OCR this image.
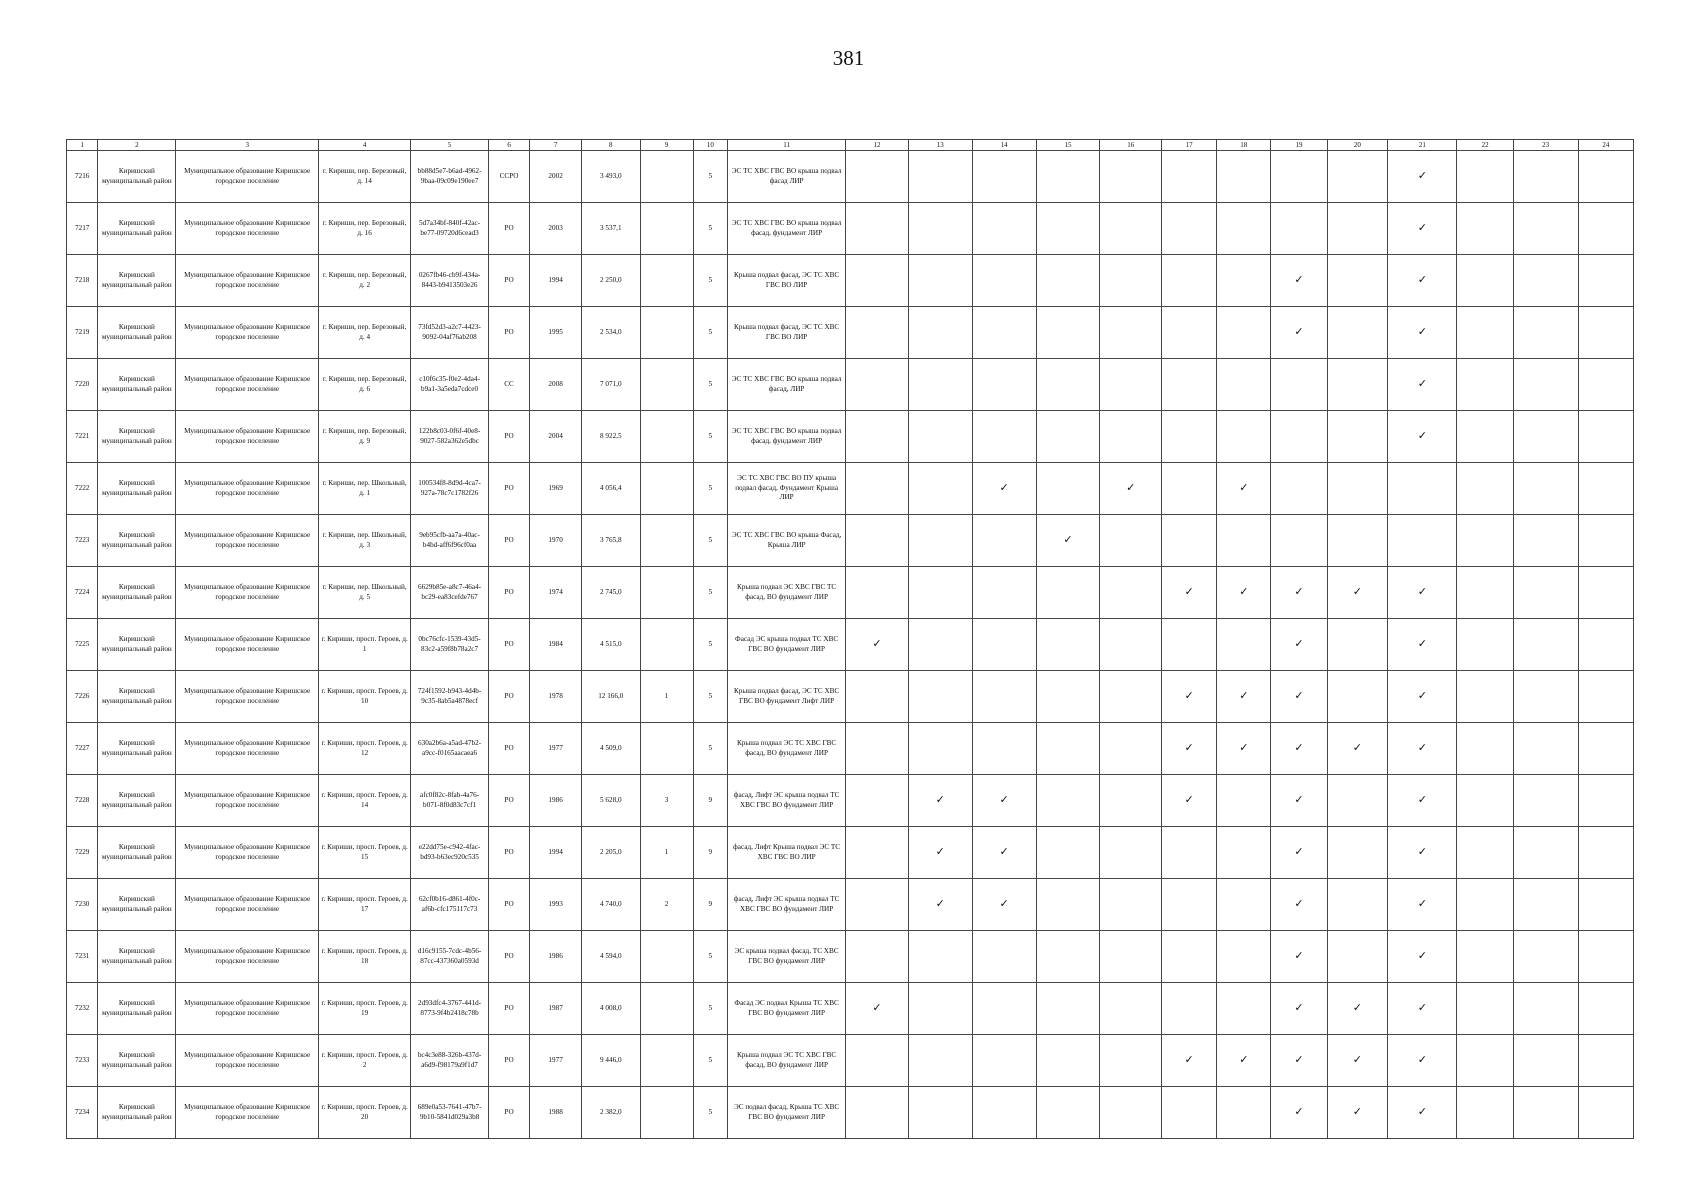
381
1	2	3	4	5	6	7	8	9	10	11	12	13	14	15	16	17	18	19	20	21	22	23	24
7216	Киришский муниципальный район	Муниципальное образование Киришское городское поселение	г. Кириши, пер. Березовый, д. 14	bb88d5e7-b6ad-4962-9baa-09c09e190ee7	ССРО	2002	3 493,0		5	ЭС ТС ХВС ГВС ВО крыша подвал фасад ЛИР										✓			
7217	Киришский муниципальный район	Муниципальное образование Киришское городское поселение	г. Кириши, пер. Березовый, д. 16	5d7a34bf-840f-42ac-be77-09720d6cead3	РО	2003	3 537,1		5	ЭС ТС ХВС ГВС ВО крыша подвал фасад, фундамент ЛИР										✓			
7218	Киришский муниципальный район	Муниципальное образование Киришское городское поселение	г. Кириши, пер. Березовый, д. 2	0267fb46-cb9f-434a-8443-b9413503e26	РО	1994	2 250,0		5	Крыша подвал фасад, ЭС ТС ХВС ГВС ВО ЛИР								✓		✓			
7219	Киришский муниципальный район	Муниципальное образование Киришское городское поселение	г. Кириши, пер. Березовый, д. 4	73fd52d3-a2c7-4423-9092-04af76ab208	РО	1995	2 534,0		5	Крыша подвал фасад, ЭС ТС ХВС ГВС ВО ЛИР								✓		✓			
7220	Киришский муниципальный район	Муниципальное образование Киришское городское поселение	г. Кириши, пер. Березовый, д. 6	c10f6c35-f0e2-4da4-b9a1-3a5eda7cdce0	СС	2008	7 071,0		5	ЭС ТС ХВС ГВС ВО крыша подвал фасад, ЛИР										✓			
7221	Киришский муниципальный район	Муниципальное образование Киришское городское поселение	г. Кириши, пер. Березовый, д. 9	122b8c03-0f6f-40e8-9027-582a362e5dbc	РО	2004	8 922,5		5	ЭС ТС ХВС ГВС ВО крыша подвал фасад, фундамент ЛИР										✓			
7222	Киришский муниципальный район	Муниципальное образование Киришское городское поселение	г. Кириши, пер. Школьный, д. 1	100534f8-8d9d-4ca7-927a-78c7c1782f26	РО	1969	4 056,4		5	ЭС ТС ХВС ГВС ВО ПУ крыша подвал фасад, Фундамент Крыша ЛИР			✓		✓		✓						
7223	Киришский муниципальный район	Муниципальное образование Киришское городское поселение	г. Кириши, пер. Школьный, д. 3	9eb95cfb-aa7a-40ac-b4bd-aff6f96cf0aa	РО	1970	3 765,8		5	ЭС ТС ХВС ГВС ВО крыша Фасад, Крыша ЛИР				✓									
7224	Киришский муниципальный район	Муниципальное образование Киришское городское поселение	г. Кириши, пер. Школьный, д. 5	6629b85e-a8c7-46a4-bc29-ea83cefde767	РО	1974	2 745,0		5	Крыша подвал ЭС ХВС ГВС ТС фасад, ВО фундамент ЛИР						✓	✓	✓	✓	✓			
7225	Киришский муниципальный район	Муниципальное образование Киришское городское поселение	г. Кириши, просп. Героев, д. 1	0bc76cfc-1539-43d5-83c2-a59f8b78a2c7	РО	1984	4 515,0		5	Фасад ЭС крыша подвал ТС ХВС ГВС ВО фундамент ЛИР	✓							✓		✓			
7226	Киришский муниципальный район	Муниципальное образование Киришское городское поселение	г. Кириши, просп. Героев, д. 10	724f1592-b943-4d4b-9c35-8ab5a4878ecf	РО	1978	12 166,0	1	5	Крыша подвал фасад, ЭС ТС ХВС ГВС ВО фундамент Лифт ЛИР						✓	✓	✓		✓			
7227	Киришский муниципальный район	Муниципальное образование Киришское городское поселение	г. Кириши, просп. Героев, д. 12	630a2b6a-a5ad-47b2-a9cc-f0165aacaea6	РО	1977	4 509,0		5	Крыша подвал ЭС ТС ХВС ГВС фасад, ВО фундамент ЛИР						✓	✓	✓	✓	✓			
7228	Киришский муниципальный район	Муниципальное образование Киришское городское поселение	г. Кириши, просп. Героев, д. 14	afc0f82c-8fab-4a76-b071-8f0d83c7cf1	РО	1986	5 628,0	3	9	фасад, Лифт ЭС крыша подвал ТС ХВС ГВС ВО фундамент ЛИР		✓	✓			✓		✓		✓			
7229	Киришский муниципальный район	Муниципальное образование Киришское городское поселение	г. Кириши, просп. Героев, д. 15	e22dd75e-c942-4fac-bd93-b63ec920c535	РО	1994	2 205,0	1	9	фасад, Лифт Крыша подвал ЭС ТС ХВС ГВС ВО ЛИР		✓	✓					✓		✓			
7230	Киришский муниципальный район	Муниципальное образование Киришское городское поселение	г. Кириши, просп. Героев, д. 17	62cf0b16-d861-4f0c-af6b-cfc175117c73	РО	1993	4 740,0	2	9	фасад, Лифт ЭС крыша подвал ТС ХВС ГВС ВО фундамент ЛИР		✓	✓					✓		✓			
7231	Киришский муниципальный район	Муниципальное образование Киришское городское поселение	г. Кириши, просп. Героев, д. 18	d16c9155-7cdc-4b56-87cc-437360a0593d	РО	1986	4 594,0		5	ЭС крыша подвал фасад, ТС ХВС ГВС ВО фундамент ЛИР								✓		✓			
7232	Киришский муниципальный район	Муниципальное образование Киришское городское поселение	г. Кириши, просп. Героев, д. 19	2d93dfc4-3767-441d-8773-9f4b2418c78b	РО	1987	4 008,0		5	Фасад ЭС подвал Крыша ТС ХВС ГВС ВО фундамент ЛИР	✓							✓	✓	✓			
7233	Киришский муниципальный район	Муниципальное образование Киришское городское поселение	г. Кириши, просп. Героев, д. 2	bc4c3e88-326b-437d-a6d9-f98179a9f1d7	РО	1977	9 446,0		5	Крыша подвал ЭС ТС ХВС ГВС фасад, ВО фундамент ЛИР						✓	✓	✓	✓	✓			
7234	Киришский муниципальный район	Муниципальное образование Киришское городское поселение	г. Кириши, просп. Героев, д. 20	689e0a53-7641-47b7-9b10-5841d029a3b8	РО	1988	2 382,0		5	ЭС подвал фасад, Крыша ТС ХВС ГВС ВО фундамент ЛИР								✓	✓	✓			
